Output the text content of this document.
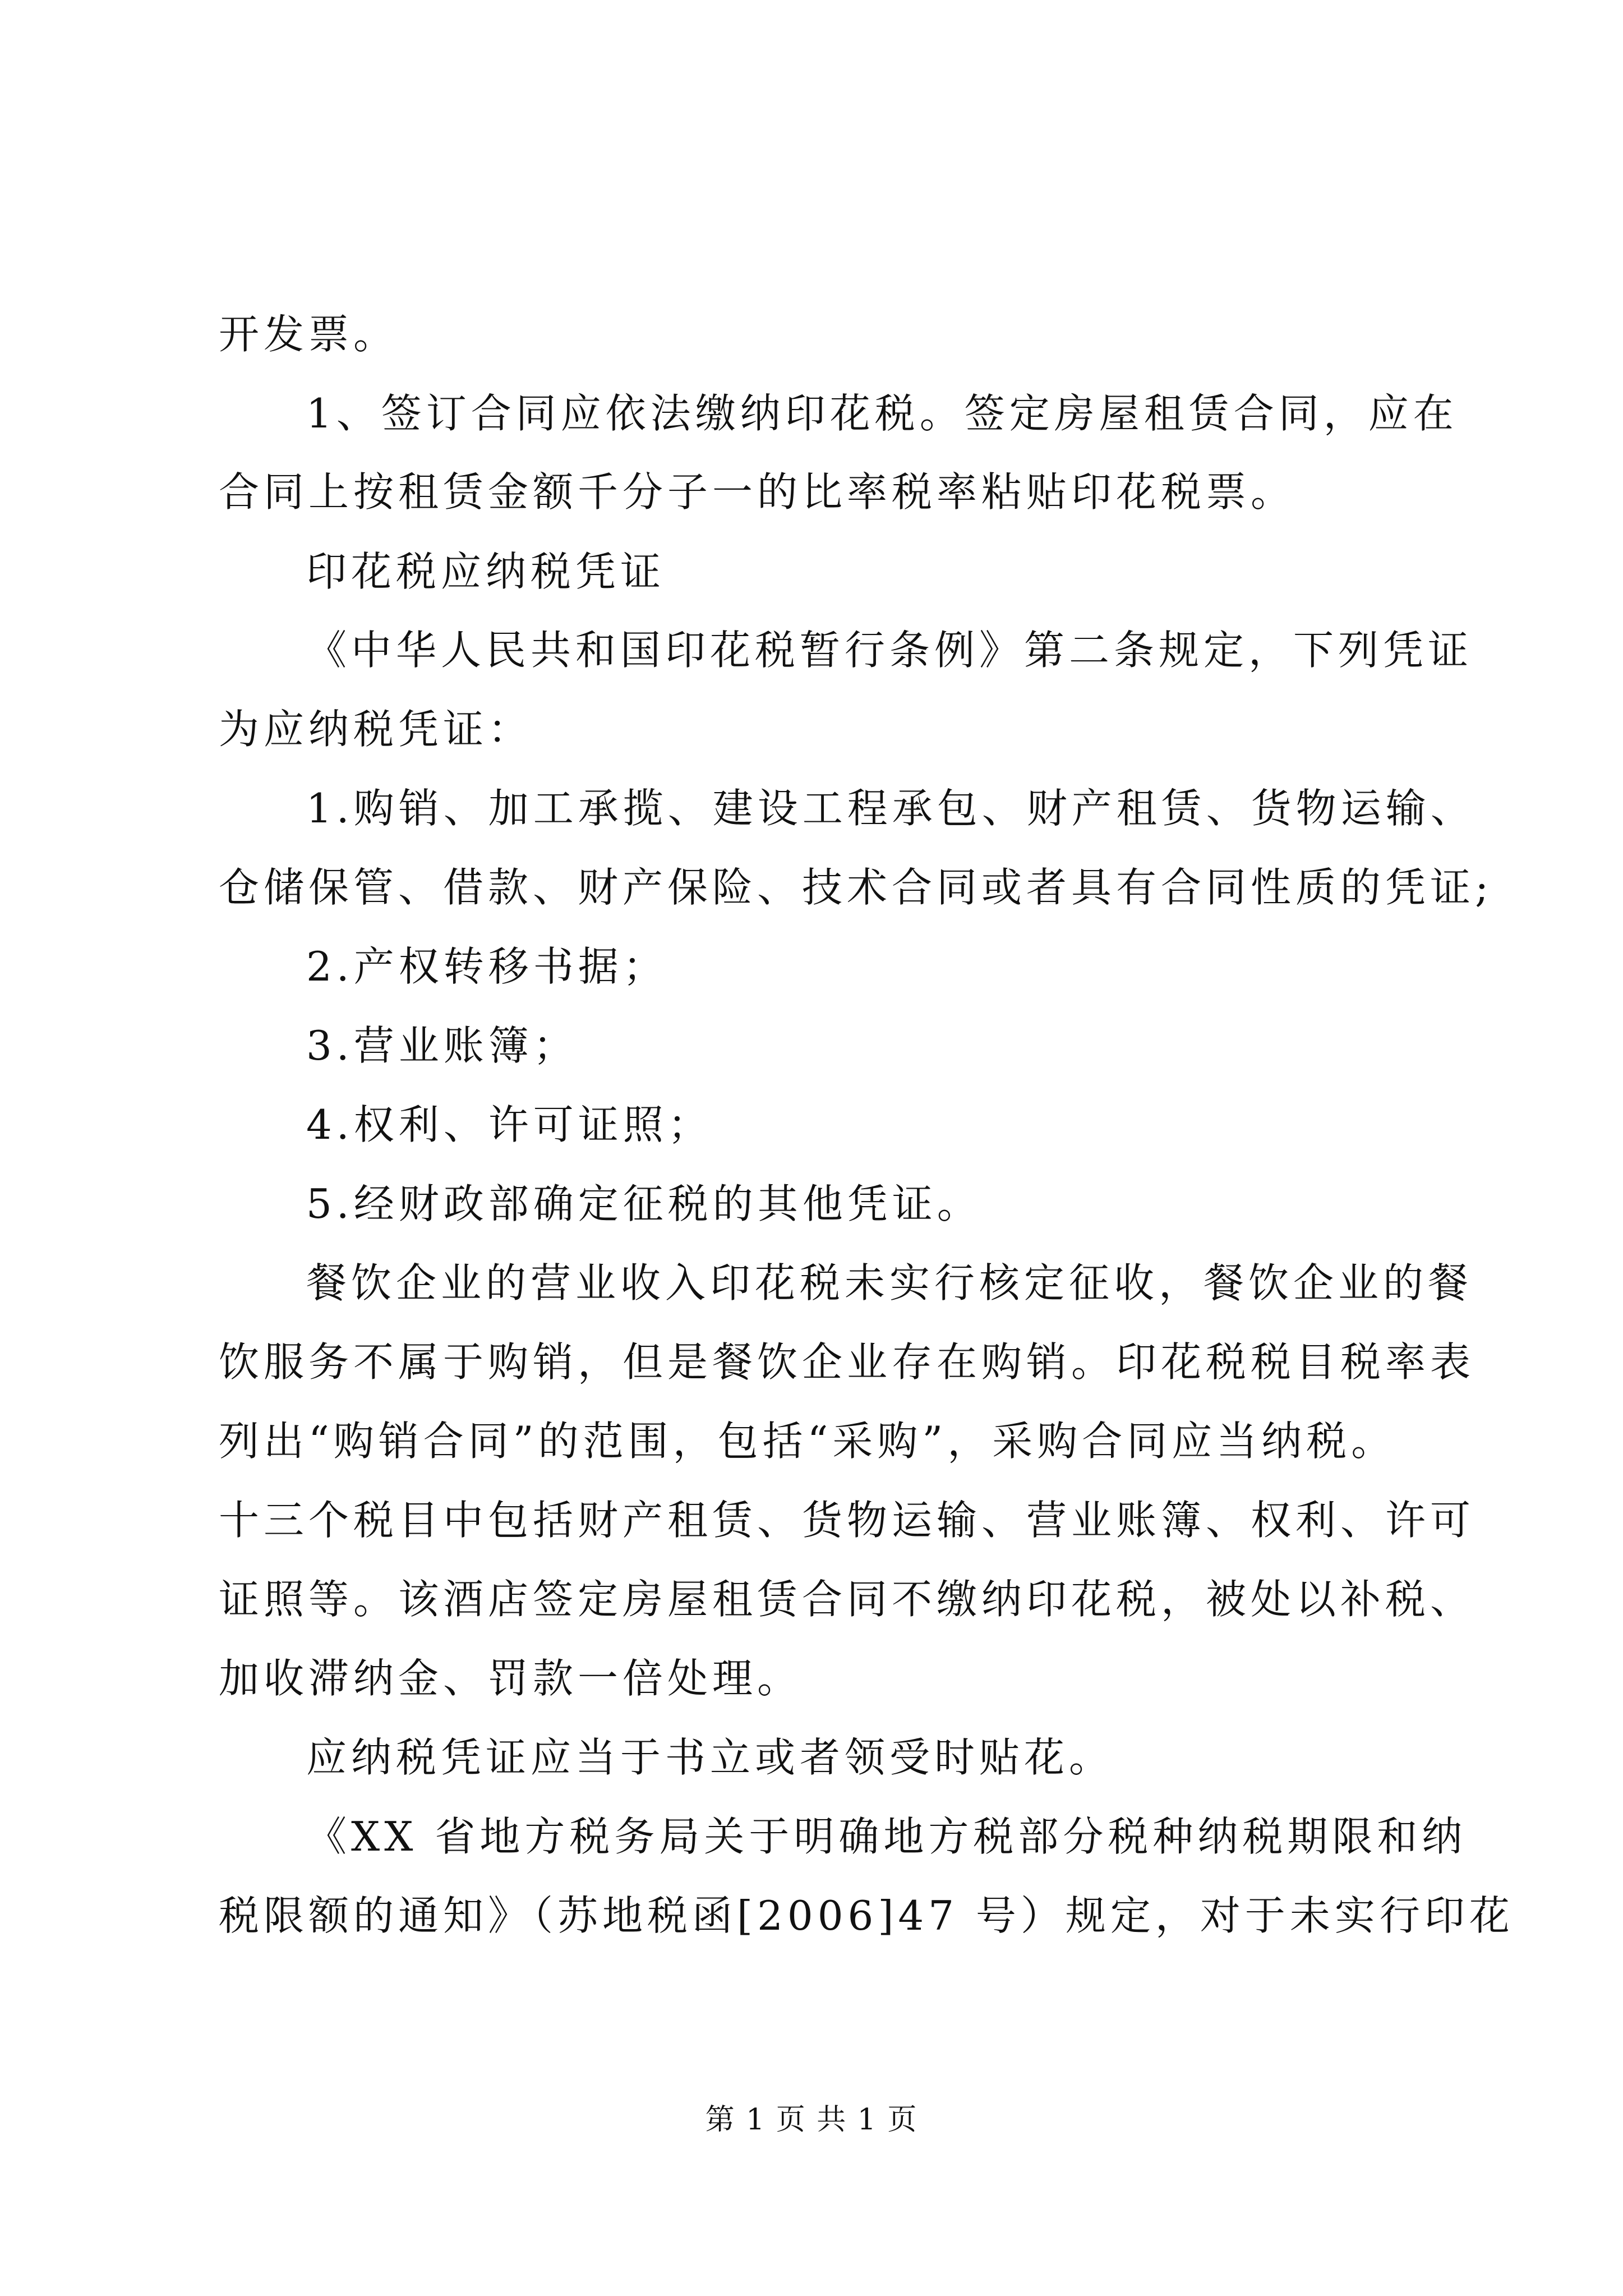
开发票。
1、签订合同应依法缴纳印花税。签定房屋租赁合同，应在
合同上按租赁金额千分子一的比率税率粘贴印花税票。
印花税应纳税凭证
《中华人民共和国印花税暂行条例》第二条规定，下列凭证
为应纳税凭证：
1.购销、加工承揽、建设工程承包、财产租赁、货物运输、
仓储保管、借款、财产保险、技术合同或者具有合同性质的凭证;
2.产权转移书据；
3.营业账簿；
4.权利、许可证照；
5.经财政部确定征税的其他凭证。
餐饮企业的营业收入印花税未实行核定征收，餐饮企业的餐
饮服务不属于购销，但是餐饮企业存在购销。印花税税目税率表
列出“购销合同”的范围，包括“采购”，采购合同应当纳税。
十三个税目中包括财产租赁、货物运输、营业账簿、权利、许可
证照等。该酒店签定房屋租赁合同不缴纳印花税，被处以补税、
加收滞纳金、罚款一倍处理。
应纳税凭证应当于书立或者领受时贴花。
《XX 省地方税务局关于明确地方税部分税种纳税期限和纳
税限额的通知》（苏地税函[2006]47 号）规定，对于未实行印花
第 1 页 共 1 页
